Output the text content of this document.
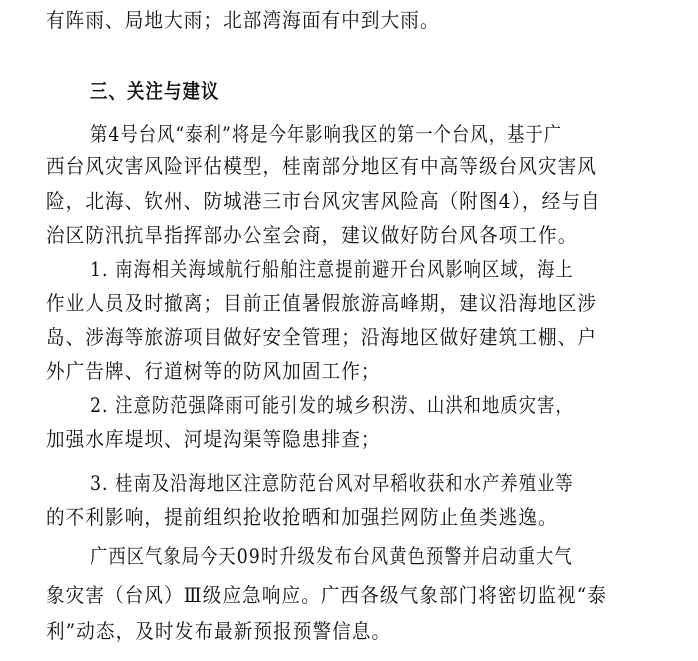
有阵雨、局地大雨；北部湾海面有中到大雨。
三、关注与建议
第4号台风“泰利”将是今年影响我区的第一个台风，基于广
西台风灾害风险评估模型，桂南部分地区有中高等级台风灾害风
险，北海、钦州、防城港三市台风灾害风险高（附图4），经与自
治区防汛抗旱指挥部办公室会商，建议做好防台风各项工作。
1. 南海相关海域航行船舶注意提前避开台风影响区域，海上
作业人员及时撤离；目前正值暑假旅游高峰期，建议沿海地区涉
岛、涉海等旅游项目做好安全管理；沿海地区做好建筑工棚、户
外广告牌、行道树等的防风加固工作；
2. 注意防范强降雨可能引发的城乡积涝、山洪和地质灾害，
加强水库堤坝、河堤沟渠等隐患排查；
3. 桂南及沿海地区注意防范台风对早稻收获和水产养殖业等
的不利影响，提前组织抢收抢晒和加强拦网防止鱼类逃逸。
广西区气象局今天09时升级发布台风黄色预警并启动重大气
象灾害（台风）Ⅲ级应急响应。广西各级气象部门将密切监视“泰
利”动态，及时发布最新预报预警信息。
